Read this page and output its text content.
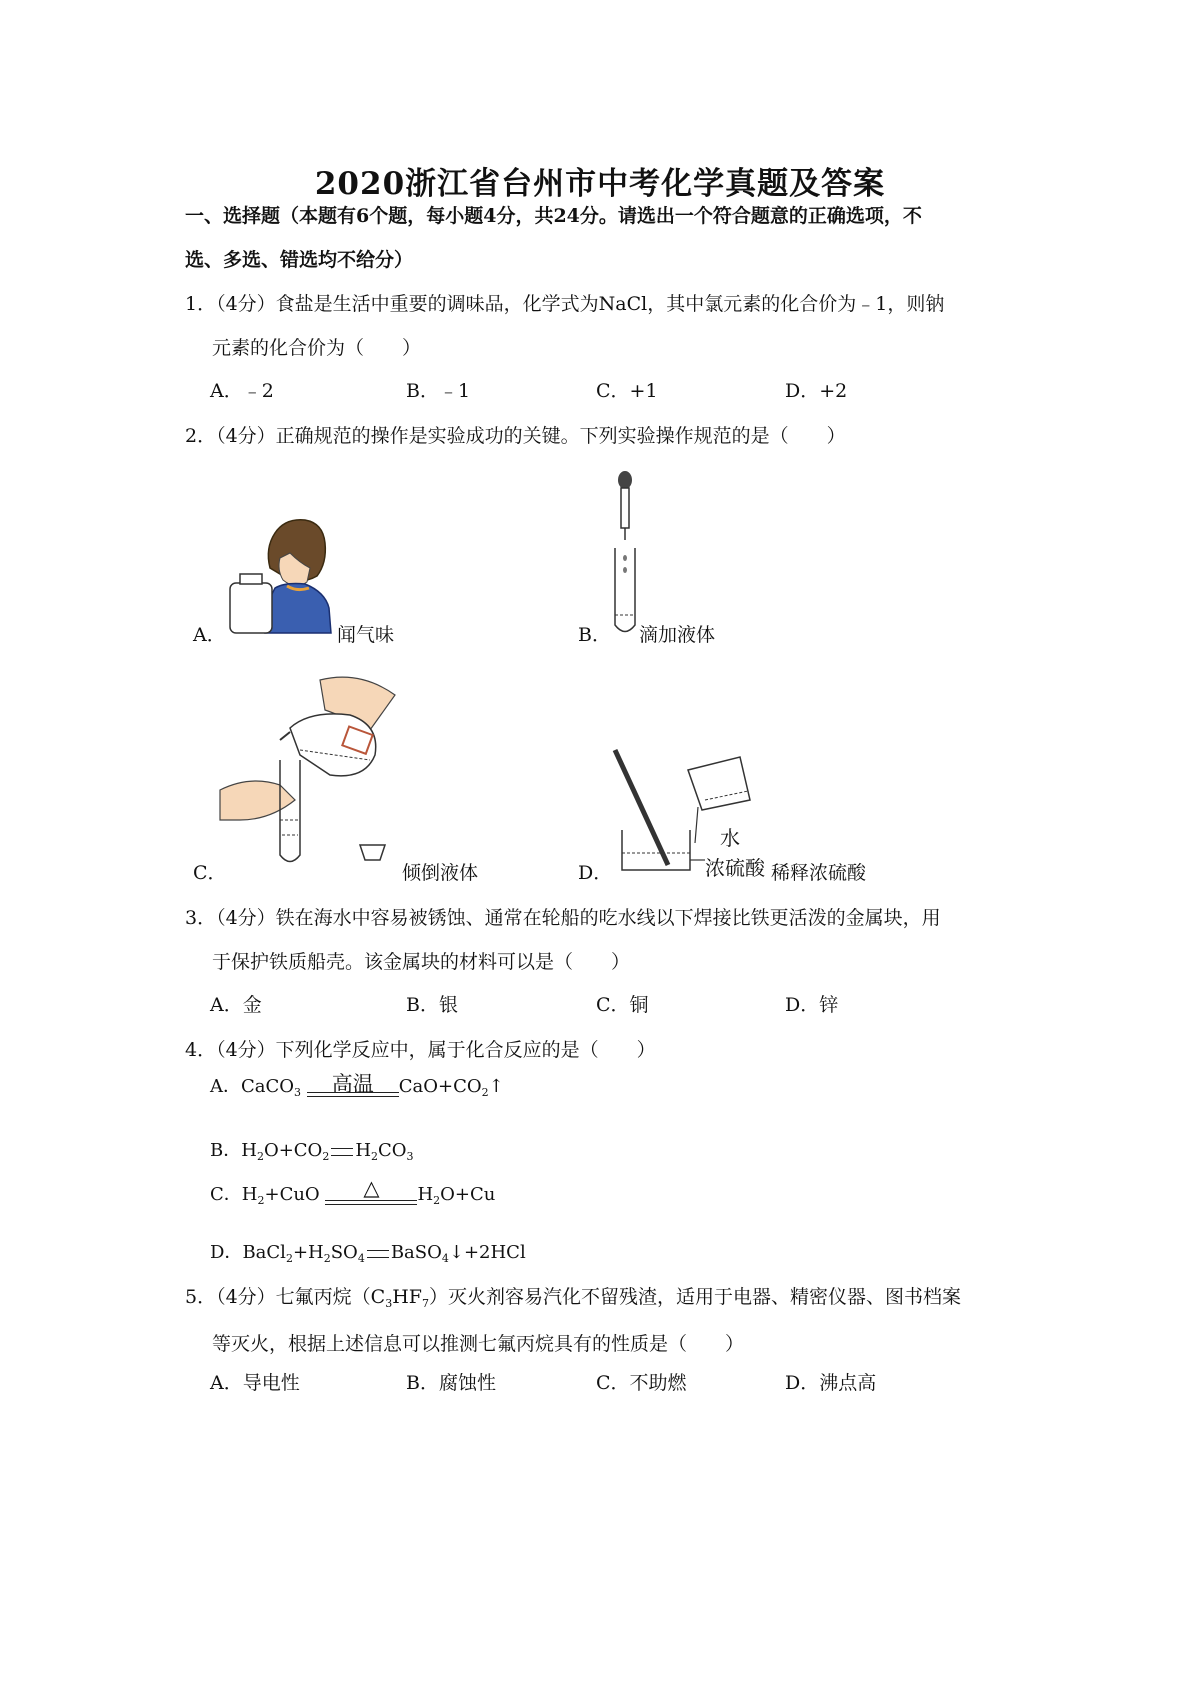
2020浙江省台州市中考化学真题及答案
一、选择题（本题有6个题，每小题4分，共24分。请选出一个符合题意的正确选项，不
选、多选、错选均不给分）
1．（4分）食盐是生活中重要的调味品，化学式为NaCl，其中氯元素的化合价为﹣1，则钠
元素的化合价为（　　）
A．﹣2	B．﹣1	C．+1	D．+2
2．（4分）正确规范的操作是实验成功的关键。下列实验操作规范的是（　　）
A．	闻气味	B． 滴加液体
C．	倾倒液体
水
浓硫酸
D．	稀释浓硫酸
3．（4分）铁在海水中容易被锈蚀、通常在轮船的吃水线以下焊接比铁更活泼的金属块，用
于保护铁质船壳。该金属块的材料可以是（　　）
A．金	B．银	C．铜	D．锌
4．（4分）下列化学反应中，属于化合反应的是（　　）
A．CaCO$_3$	高温	$CaO+CO_2↑$
B．$H_2O+CO_2$ $H_2CO_3$
C．$H_2+CuO$	△	$H_2O+Cu$
D．$BaCl_2+H_2SO_4$ BaSO$_4$↓+2HCl
5．（4分）七氟丙烷$(C_3HF_7)$灭火剂容易汽化不留残渣，适用于电器、精密仪器、图书档案
等灭火，根据上述信息可以推测七氟丙烷具有的性质是（　　）
A．导电性	B．腐蚀性	C．不助燃	D．沸点高
